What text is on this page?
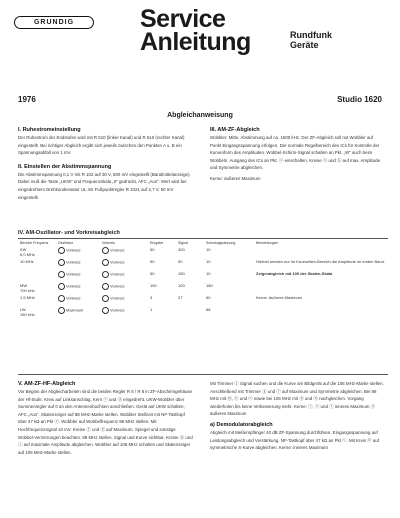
GRUNDIG	Service
Anleitung	Rundfunk
Geräte
1976	Studio 1620
Abgleichanweisung

I. Ruhestromeinstellung

Der Ruhestrom der Endstufen wird mit R 510 (linker Kanal) und R 610 (rechter Kanal) eingestellt. Bei richtiger Abgleich ergibt sich jeweils zwischen den Punkten A u. B ein Spannungsabfall von 1 mV.

II. Einstellen der Abstimmspannung

Die Abstimmspannung 0,1 V mit R 102 auf 30 V, 500 mV eingestellt (Bandmittelanzeige). Dabei muß die Taste „UKW“ und Frequenzskala „0“ gedrückt, AFC „Aus“. Wert wird bei eingedrehtem Drehkondensator UL mit Fußpunktregler R 1021 auf 2,7 V, 50 mV eingestellt.

III. AM-ZF-Abgleich

Wobbler: Mitte, Abstimmung auf ca. 1500 kHz. Der ZF-Abgleich soll mit Wobbler auf Punkt Eingangsspannung erfolgen. Der normale Regelbereich des ICs für Kontrolle der Kurvenform des Amplituden. Wobbel-Schirm-Signal schalten an Pkt. „W“ auch beim Wobbeln. Ausgang des ICs an Pkt. ⓐ einschalten, Kreise ⓐ und ⓑ auf max. Amplitude und Symmetrie abgleichen.

Kerne: äußeres Maximum

IV. AM-Oszillator- und Vorkreisabgleich
Bereich Frequenz	Oszillator	Vorkreis	Eingabe	Signal	Schwingspannung	Bemerkungen
KW
6,0 MHz	Vorkreis	Vorkreis	50	400	10	
10 MHz	Vorkreis	Vorkreis	50	50	10	Hierbei werden nur im Kurzwellen-Bereich die Amplitude im ersten Band.
	Vorkreis	Vorkreis	50	150	10	Zeigerabgleich mit 100 der Skalen-Skala
MW
700 kHz	Vorkreis	Vorkreis	150	100	180	
1,5 MHz	Vorkreis	Vorkreis	3	27	60	Kerne: äußeres Maximum
LW
150 kHz	Maximum	Vorkreis	1		68	

V. AM-ZF-HF-Abgleich

Vor Beginn der Abgleicharbeiten sind die beiden Regler R 6 / R 8 in ZF-Abschirmgehäuse der Hf-Stufe. Kreis auf Linksanschlag, Kern ⓒ und ⓓ eingedreht. UKW-Wobbler über Summenregler auf 0 an den Antennenbuchsen anschließen. Gerät auf UKW schalten, AFC „Aus“. Skalenzeiger auf 88 MHz-Marke stellen. Wobbler Stellzeit mit NF-Tastkopf über 47 kΩ an Pkt ⓔ. Wobbler auf Wobbelfrequenz 98 MHz stellen. Mit Hochfrequenzsignal 10 mV. Kreise ⓕ und ⓖ auf Maximum. Spiegel und sonstige Wobbel-Verzerrungen beachten. 88 MHz stellen. Signal und Kurve sichtbar. Kreise ⓗ und ⓘ auf maximale Amplitude abgleichen. Wobbler auf 106 MHz schalten und Skalenzeiger auf 106 MHz-Marke stellen.

Mit Trimmer ⓙ Signal suchen und die Kurve am Bildgerät auf die 106 MHz-Marke stellen. Anschließend mit Trimmer ⓚ und ⓛ auf Maximum und Symmetrie abgleichen. Bei 88 MHz mit ⓜ, ⓝ und ⓞ sowie bei 106 MHz mit ⓟ und ⓠ nachgleichen. Vorgang wiederholen bis keine Verbesserung mehr. Kerne: ⓡ, ⓢ und ⓣ inneres Maximum ⓤ äußeres Maximum

a) Demodulatorabgleich

Abgleich mit Meßempfänger 40 dB ZF-Spannung durchführen. Eingangsspannung auf Leistungsabgleich und Verstärkung. NF-Tastkopf über 47 kΩ an Pkt ⓥ. Mit Kreis ⓦ auf symmetrische S-Kurve abgleichen. Kerne: inneres Maximum
